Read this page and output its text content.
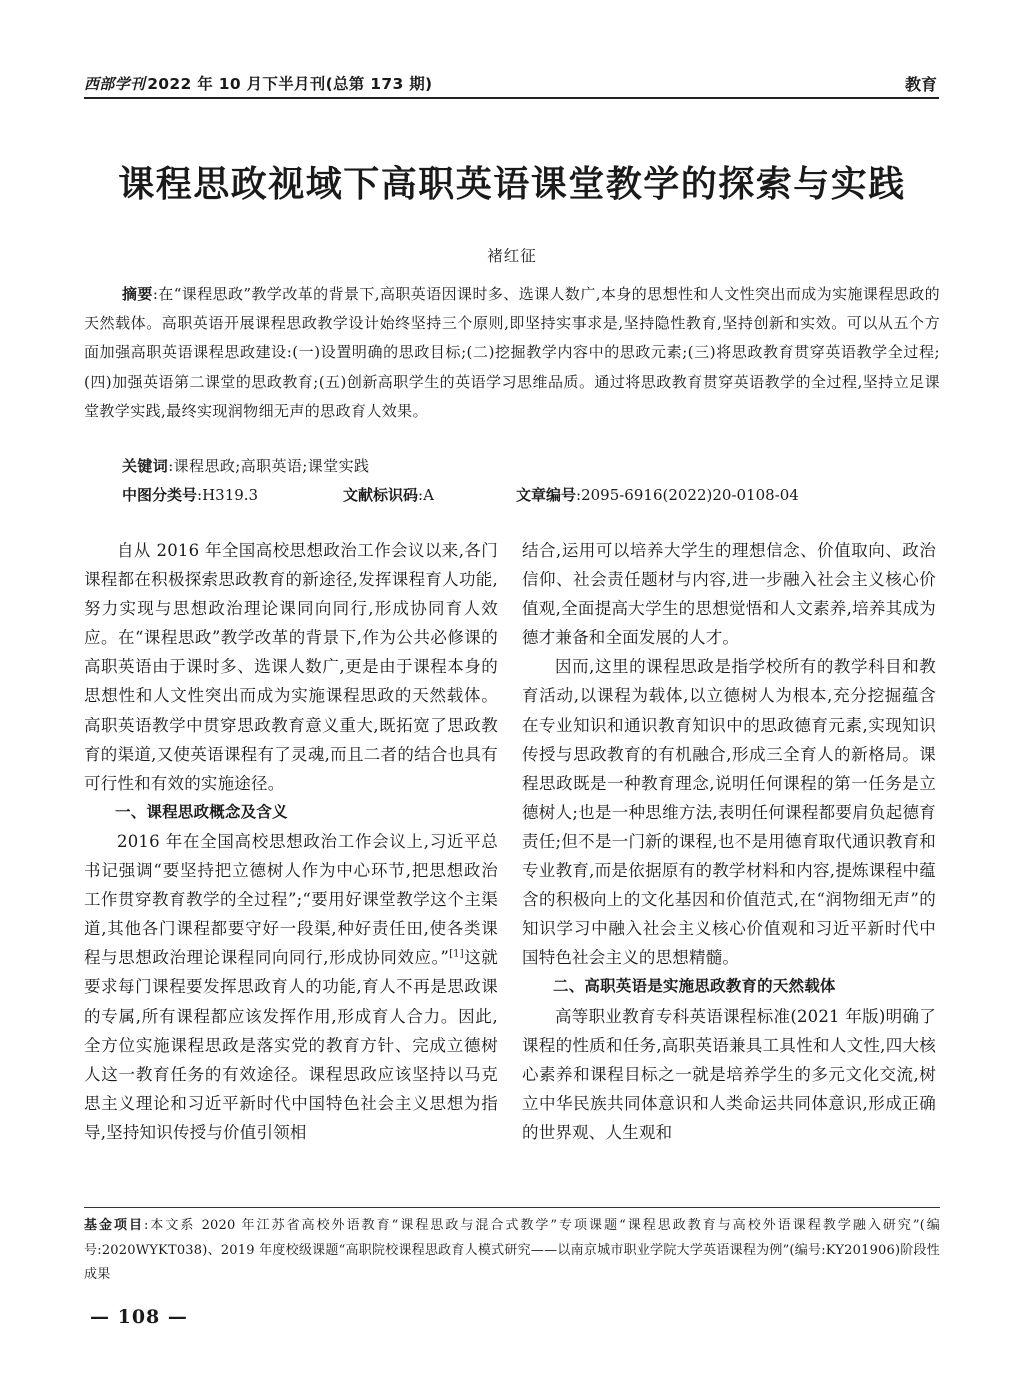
西部学刊 2022 年 10 月下半月刊(总第 173 期)	教育
课程思政视域下高职英语课堂教学的探索与实践
褚红征

摘要:在“课程思政”教学改革的背景下,高职英语因课时多、选课人数广,本身的思想性和人文性突出而成为实施课程思政的天然载体。高职英语开展课程思政教学设计始终坚持三个原则,即坚持实事求是,坚持隐性教育,坚持创新和实效。可以从五个方面加强高职英语课程思政建设:(一)设置明确的思政目标;(二)挖掘教学内容中的思政元素;(三)将思政教育贯穿英语教学全过程;(四)加强英语第二课堂的思政教育;(五)创新高职学生的英语学习思维品质。通过将思政教育贯穿英语教学的全过程,坚持立足课堂教学实践,最终实现润物细无声的思政育人效果。

关键词:课程思政;高职英语;课堂实践
中图分类号:H319.3	文献标识码:A	文章编号:2095-6916(2022)20-0108-04

自从 2016 年全国高校思想政治工作会议以来,各门课程都在积极探索思政教育的新途径,发挥课程育人功能,努力实现与思想政治理论课同向同行,形成协同育人效应。在“课程思政”教学改革的背景下,作为公共必修课的高职英语由于课时多、选课人数广,更是由于课程本身的思想性和人文性突出而成为实施课程思政的天然载体。高职英语教学中贯穿思政教育意义重大,既拓宽了思政教育的渠道,又使英语课程有了灵魂,而且二者的结合也具有可行性和有效的实施途径。

一、课程思政概念及含义

2016 年在全国高校思想政治工作会议上,习近平总书记强调“要坚持把立德树人作为中心环节,把思想政治工作贯穿教育教学的全过程”;“要用好课堂教学这个主渠道,其他各门课程都要守好一段渠,种好责任田,使各类课程与思想政治理论课程同向同行,形成协同效应。”[1]这就要求每门课程要发挥思政育人的功能,育人不再是思政课的专属,所有课程都应该发挥作用,形成育人合力。因此,全方位实施课程思政是落实党的教育方针、完成立德树人这一教育任务的有效途径。课程思政应该坚持以马克思主义理论和习近平新时代中国特色社会主义思想为指导,坚持知识传授与价值引领相

结合,运用可以培养大学生的理想信念、价值取向、政治信仰、社会责任题材与内容,进一步融入社会主义核心价值观,全面提高大学生的思想觉悟和人文素养,培养其成为德才兼备和全面发展的人才。

因而,这里的课程思政是指学校所有的教学科目和教育活动,以课程为载体,以立德树人为根本,充分挖掘蕴含在专业知识和通识教育知识中的思政德育元素,实现知识传授与思政教育的有机融合,形成三全育人的新格局。课程思政既是一种教育理念,说明任何课程的第一任务是立德树人;也是一种思维方法,表明任何课程都要肩负起德育责任;但不是一门新的课程,也不是用德育取代通识教育和专业教育,而是依据原有的教学材料和内容,提炼课程中蕴含的积极向上的文化基因和价值范式,在“润物细无声”的知识学习中融入社会主义核心价值观和习近平新时代中国特色社会主义的思想精髓。

二、高职英语是实施思政教育的天然载体

高等职业教育专科英语课程标准(2021 年版)明确了课程的性质和任务,高职英语兼具工具性和人文性,四大核心素养和课程目标之一就是培养学生的多元文化交流,树立中华民族共同体意识和人类命运共同体意识,形成正确的世界观、人生观和

基金项目:本文系 2020 年江苏省高校外语教育“课程思政与混合式教学”专项课题“课程思政教育与高校外语课程教学融入研究”(编号:2020WYKT038)、2019 年度校级课题“高职院校课程思政育人模式研究——以南京城市职业学院大学英语课程为例”(编号:KY201906)阶段性成果
— 108 —
